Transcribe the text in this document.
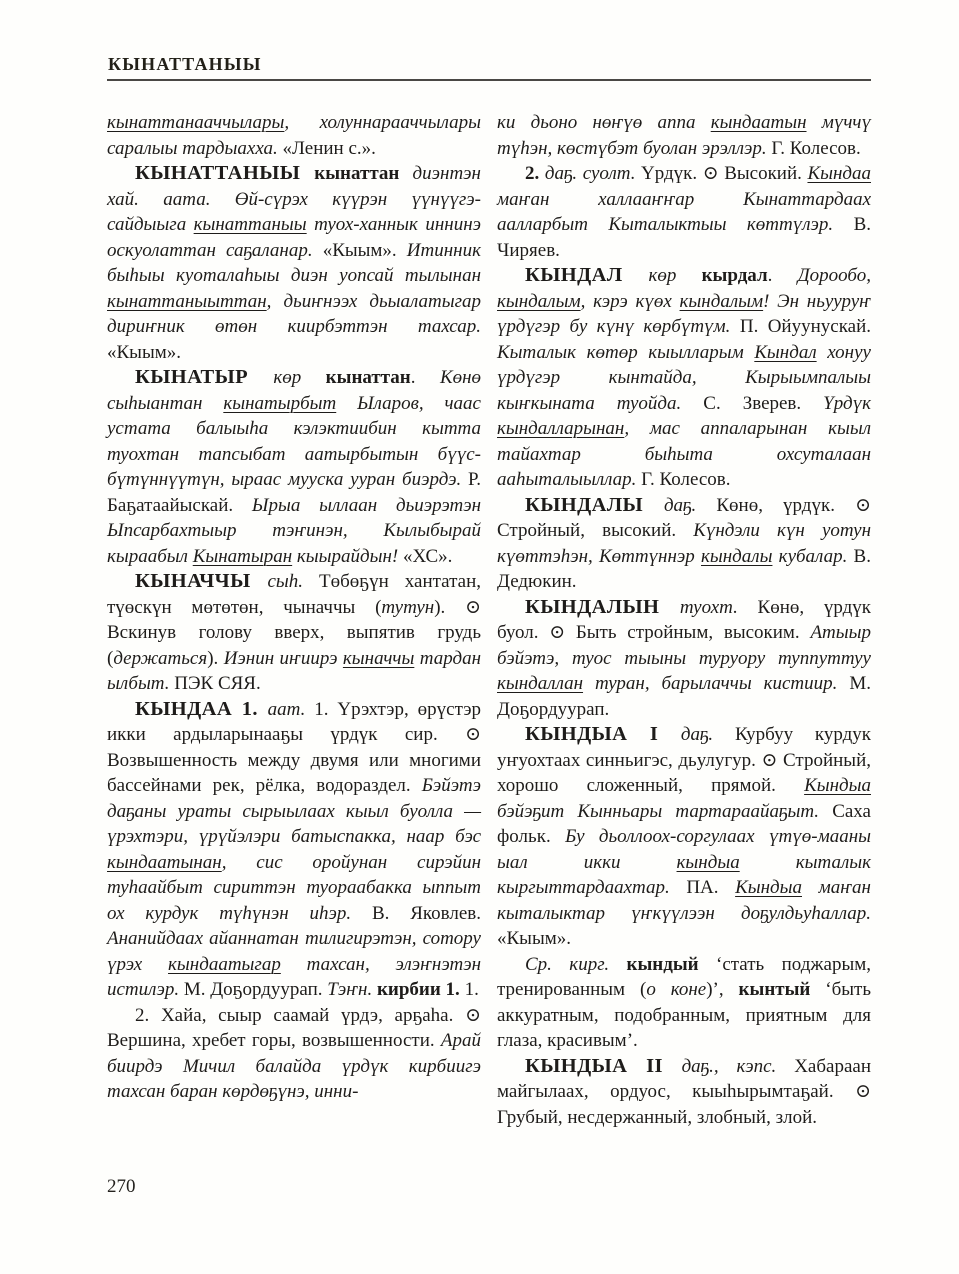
КЫНАТТАНЫЫ

кынаттанааччылары, холуннарааччылары саралыы тардыахха. «Ленин с.».

КЫНАТТАНЫЫ кынаттан диэнтэн хай. аата. Өй-сүрэх күүрэн үүнүүгэ-сайдыыга кынаттаныы туох-ханнык иннинэ оскуолаттан саҕаланар. «Кыым». Итинник быһыы куоталаһыы диэн уопсай тылынан кынаттаныыттан, дьиҥнээх дьыалатыгар дириҥник өтөн киирбэттэн тахсар. «Кыым».

КЫНАТЫР көр кынаттан. Көнө сыһыантан кынатырбыт Ыларов, чаас устата балыыһа кэлэктиибин кытта туохтан тапсыбат аатырбытын бүүс-бүтүннүүтүн, ыраас мууска ууран биэрдэ. Р. Баҕатаайыскай. Ырыа ыллаан дьиэрэтэн Ыпсарбахтыыр тэҥинэн, Кылыбырай кыраабыл Кынатыран кыырайдын! «ХС».

КЫНАЧЧЫ сыһ. Төбөҕүн хантатан, түөскүн мөтөтөн, чыначчы (тутун). ⊙ Вскинув голову вверх, выпятив грудь (держаться). Иэнин иҥиирэ кыначчы тардан ылбыт. ПЭК СЯЯ.

КЫНДАА 1. аат. 1. Үрэхтэр, өрүстэр икки ардыларынааҕы үрдүк сир. ⊙ Возвышенность между двумя или многими бассейнами рек, рёлка, водораздел. Бэйэтэ даҕаны ураты сырыылаах кыыл буолла — үрэхтэри, үрүйэлэри батыспакка, наар бэс кындаатынан, сис оройунан сирэйин туһаайбыт сириттэн туораабакка ыппыт ох курдук түһүнэн иһэр. В. Яковлев. Ананийдаах айаннатан тилигирэтэн, сотору үрэх кындаатыгар тахсан, элэҥнэтэн истилэр. М. Доҕордуурап. Тэҥн. кирбии 1. 1.

2. Хайа, сыыр саамай үрдэ, арҕаһа. ⊙ Вершина, хребет горы, возвышенности. Арай биирдэ Мичил балайда үрдүк кирбиигэ тахсан баран көрдөҕүнэ, инни-

ки дьоно нөҥүө аппа кындаатын мүччү түһэн, көстүбэт буолан эрэллэр. Г. Колесов.

2. даҕ. суолт. Үрдүк. ⊙ Высокий. Кындаа маҥан халлааҥҥар Кынаттардаах аалларбыт Кыталыктыы көттүлэр. В. Чиряев.

КЫНДАЛ көр кырдал. Дорообо, кындалым, кэрэ күөх кындалым! Эн ньууруҥ үрдүгэр бу күнү көрбүтүм. П. Ойуунускай. Кыталык көтөр кыылларым Кындал хонуу үрдүгэр кынтайда, Кырыымпалыы кыҥкыната туойда. С. Зверев. Үрдүк кындалларынан, мас аппаларынан кыыл тайахтар быһыта охсуталаан ааһыталыыллар. Г. Колесов.

КЫНДАЛЫ даҕ. Көнө, үрдүк. ⊙ Стройный, высокий. Күндэли күн уотун күөттэһэн, Көттүннэр кындалы кубалар. В. Дедюкин.

КЫНДАЛЫН туохт. Көнө, үрдүк буол. ⊙ Быть стройным, высоким. Атыыр бэйэтэ, туос тыыны туруору туппуттуу кындаллан туран, барылаччы кистиир. М. Доҕордуурап.

КЫНДЫА I даҕ. Курбуу курдук уҥуохтаах синньигэс, дьулугур. ⊙ Стройный, хорошо сложенный, прямой. Кындыа бэйэҕит Кынньары тартараайаҕыт. Саха фольк. Бу дьоллоох-соргулаах үтүө-мааны ыал икки кындыа кыталык кыргыттардаахтар. ПА. Кындыа маҥан кыталыктар үҥкүүлээн доҕулдьуһаллар. «Кыым».

Ср. кирг. кындый ‘стать поджарым, тренированным (о коне)’, кынтый ‘быть аккуратным, подобранным, приятным для глаза, красивым’.

КЫНДЫА II даҕ., кэпс. Хабараан майгылаах, ордуос, кыыһырымтаҕай. ⊙ Грубый, несдержанный, злобный, злой.

270
